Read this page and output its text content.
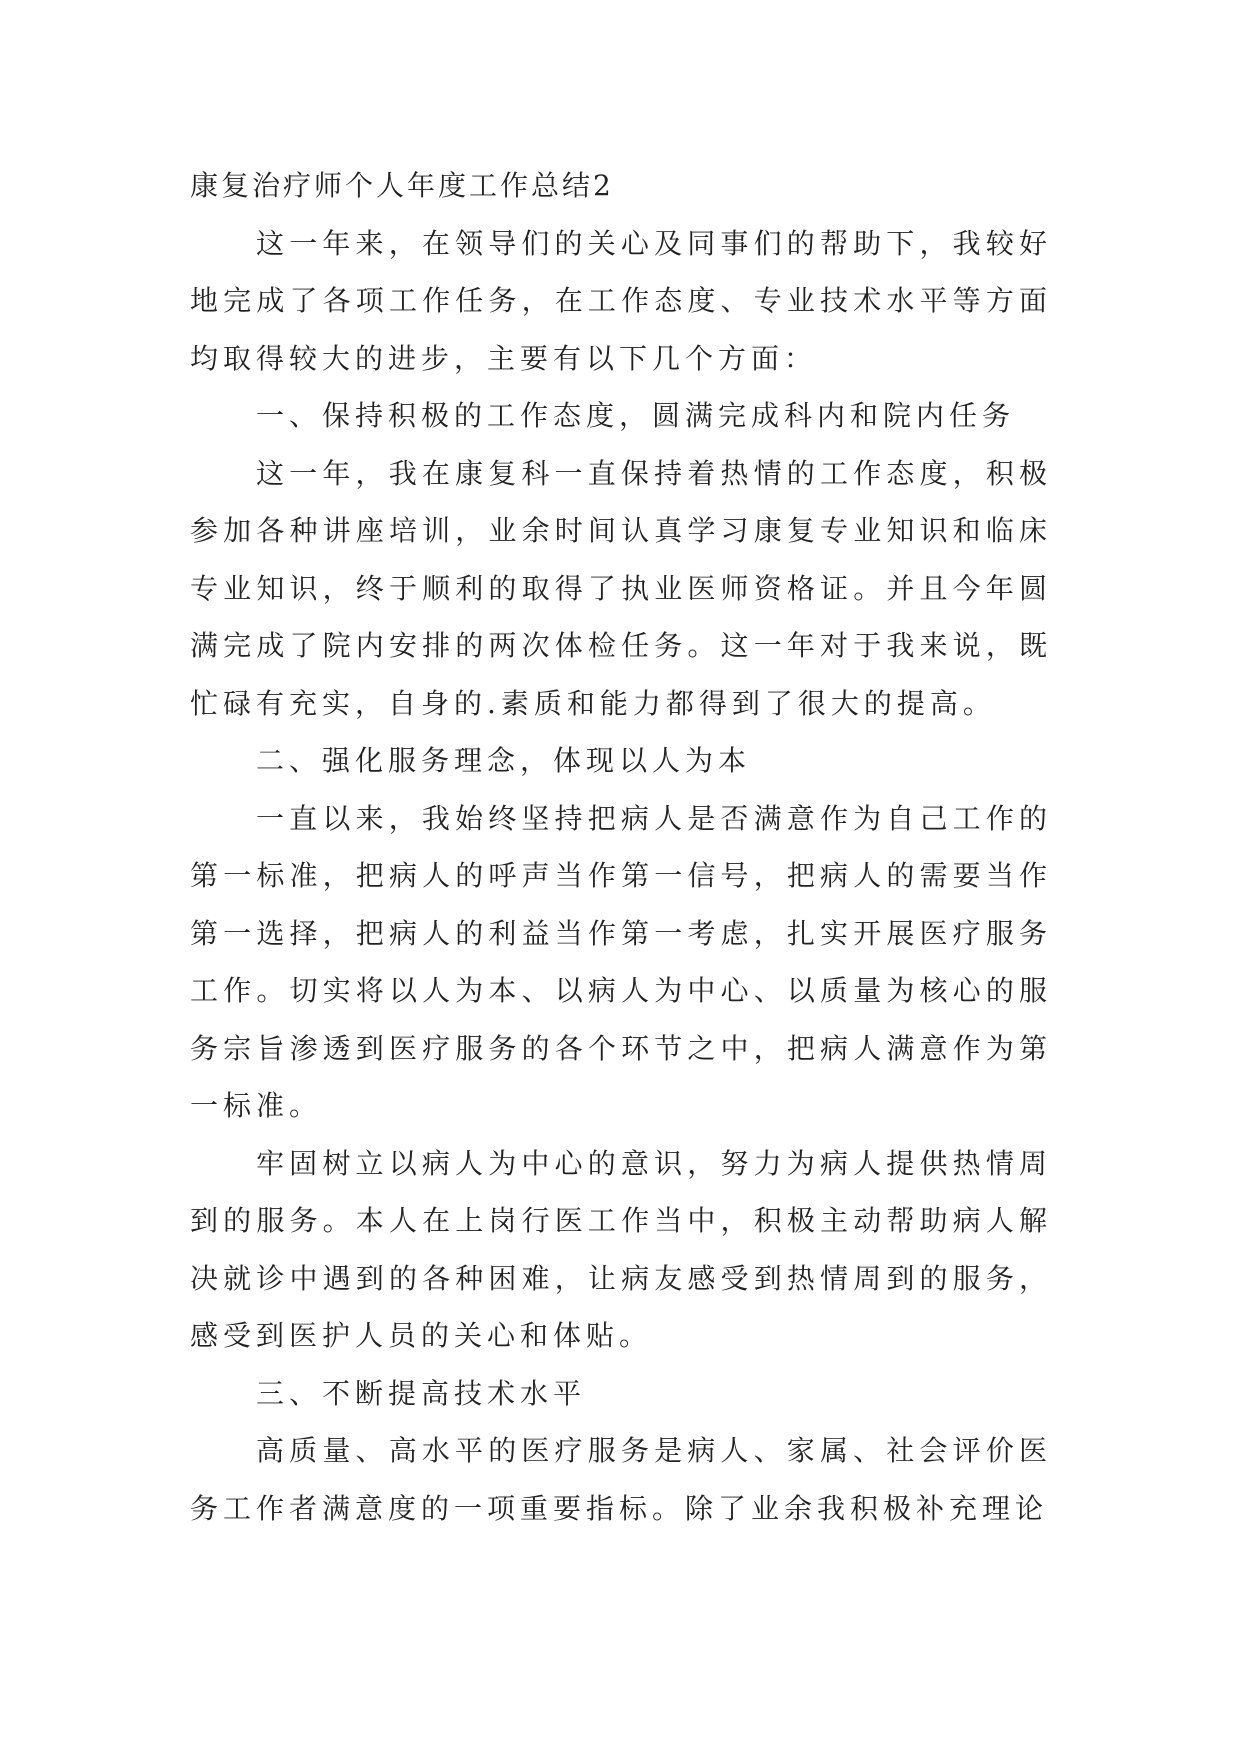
康复治疗师个人年度工作总结2

这一年来，在领导们的关心及同事们的帮助下，我较好地完成了各项工作任务，在工作态度、专业技术水平等方面均取得较大的进步，主要有以下几个方面：

一、保持积极的工作态度，圆满完成科内和院内任务

这一年，我在康复科一直保持着热情的工作态度，积极参加各种讲座培训，业余时间认真学习康复专业知识和临床专业知识，终于顺利的取得了执业医师资格证。并且今年圆满完成了院内安排的两次体检任务。这一年对于我来说，既忙碌有充实，自身的.素质和能力都得到了很大的提高。

二、强化服务理念，体现以人为本

一直以来，我始终坚持把病人是否满意作为自己工作的第一标准，把病人的呼声当作第一信号，把病人的需要当作第一选择，把病人的利益当作第一考虑，扎实开展医疗服务工作。切实将以人为本、以病人为中心、以质量为核心的服务宗旨渗透到医疗服务的各个环节之中，把病人满意作为第一标准。

牢固树立以病人为中心的意识，努力为病人提供热情周到的服务。本人在上岗行医工作当中，积极主动帮助病人解决就诊中遇到的各种困难，让病友感受到热情周到的服务，感受到医护人员的关心和体贴。

三、不断提高技术水平

高质量、高水平的医疗服务是病人、家属、社会评价医务工作者满意度的一项重要指标。除了业余我积极补充理论
